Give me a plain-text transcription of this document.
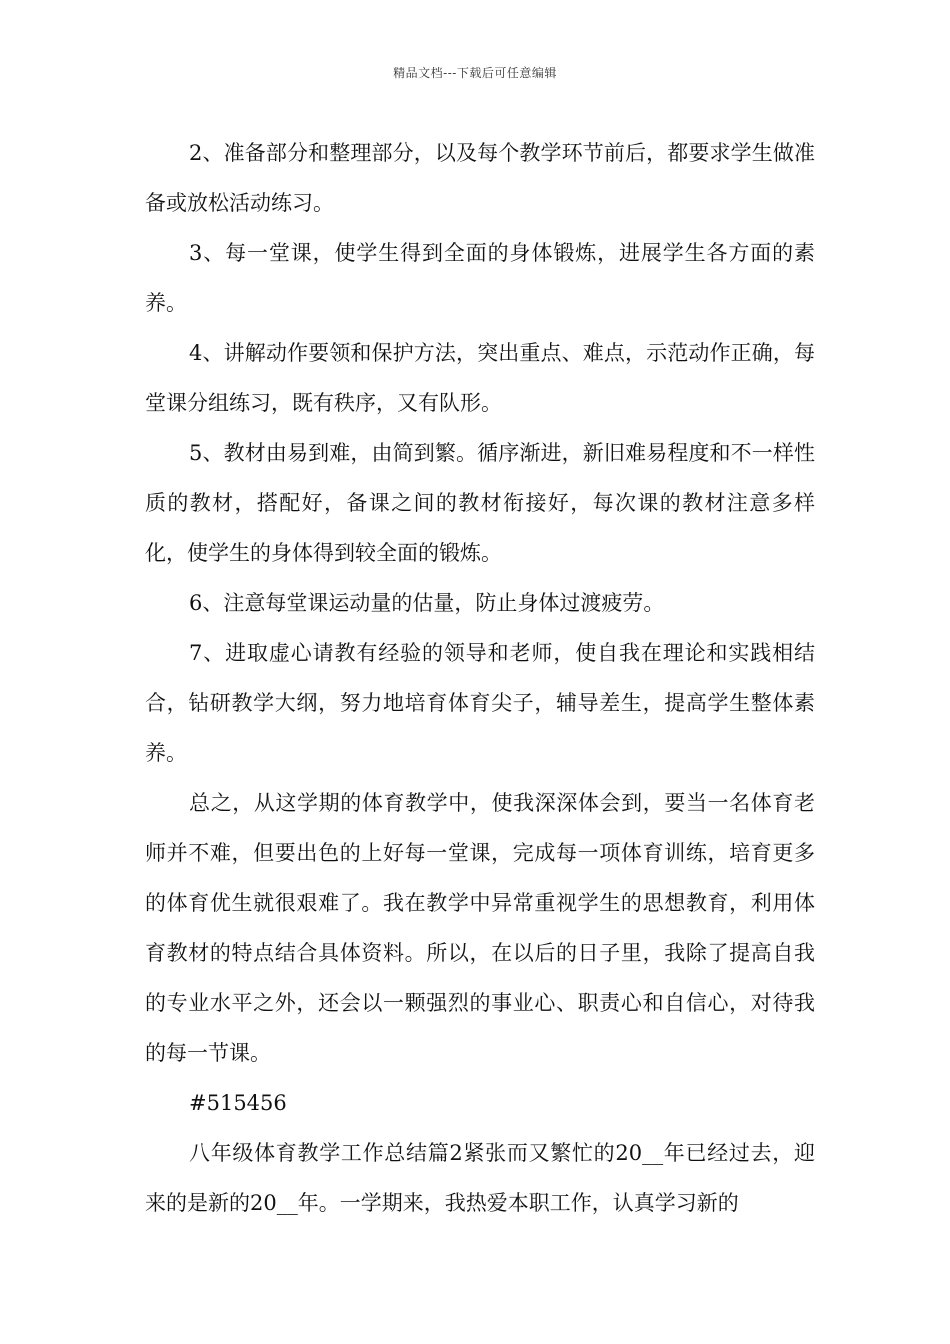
精品文档---下载后可任意编辑

2、准备部分和整理部分，以及每个教学环节前后，都要求学生做准备或放松活动练习。

3、每一堂课，使学生得到全面的身体锻炼，进展学生各方面的素养。

4、讲解动作要领和保护方法，突出重点、难点，示范动作正确，每堂课分组练习，既有秩序，又有队形。

5、教材由易到难，由简到繁。循序渐进，新旧难易程度和不一样性质的教材，搭配好，备课之间的教材衔接好，每次课的教材注意多样化，使学生的身体得到较全面的锻炼。

6、注意每堂课运动量的估量，防止身体过渡疲劳。

7、进取虚心请教有经验的领导和老师，使自我在理论和实践相结合，钻研教学大纲，努力地培育体育尖子，辅导差生，提高学生整体素养。

总之，从这学期的体育教学中，使我深深体会到，要当一名体育老师并不难，但要出色的上好每一堂课，完成每一项体育训练，培育更多的体育优生就很艰难了。我在教学中异常重视学生的思想教育，利用体育教材的特点结合具体资料。所以，在以后的日子里，我除了提高自我的专业水平之外，还会以一颗强烈的事业心、职责心和自信心，对待我的每一节课。

#515456

八年级体育教学工作总结篇2紧张而又繁忙的20__年已经过去，迎来的是新的20__年。一学期来，我热爱本职工作，认真学习新的
